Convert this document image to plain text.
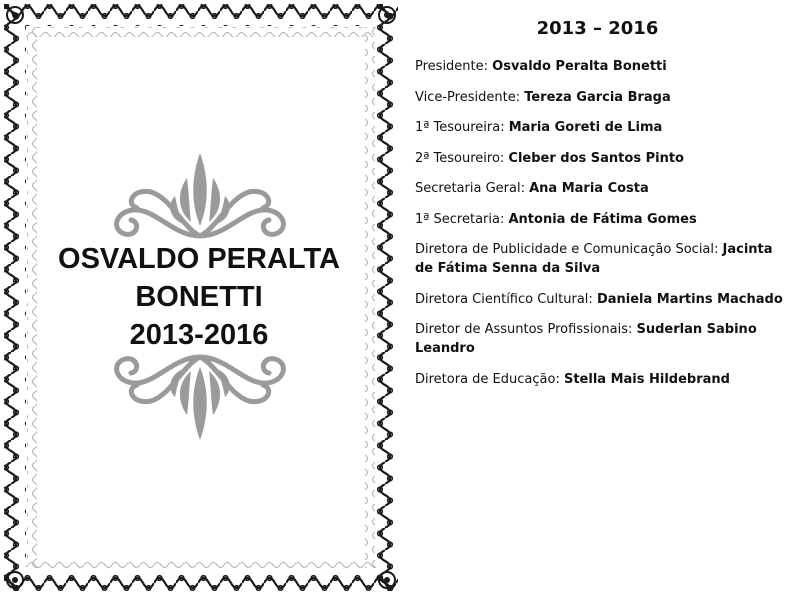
OSVALDO PERALTA
BONETTI
2013-2016
2013 – 2016
Presidente: Osvaldo Peralta Bonetti
Vice-Presidente: Tereza Garcia Braga
1ª Tesoureira: Maria Goreti de Lima
2ª Tesoureiro: Cleber dos Santos Pinto
Secretaria Geral: Ana Maria Costa
1ª Secretaria: Antonia de Fátima Gomes
Diretora de Publicidade e Comunicação Social: Jacinta de Fátima Senna da Silva
Diretora Científico Cultural: Daniela Martins Machado
Diretor de Assuntos Profissionais: Suderlan Sabino Leandro
Diretora de Educação: Stella Mais Hildebrand
